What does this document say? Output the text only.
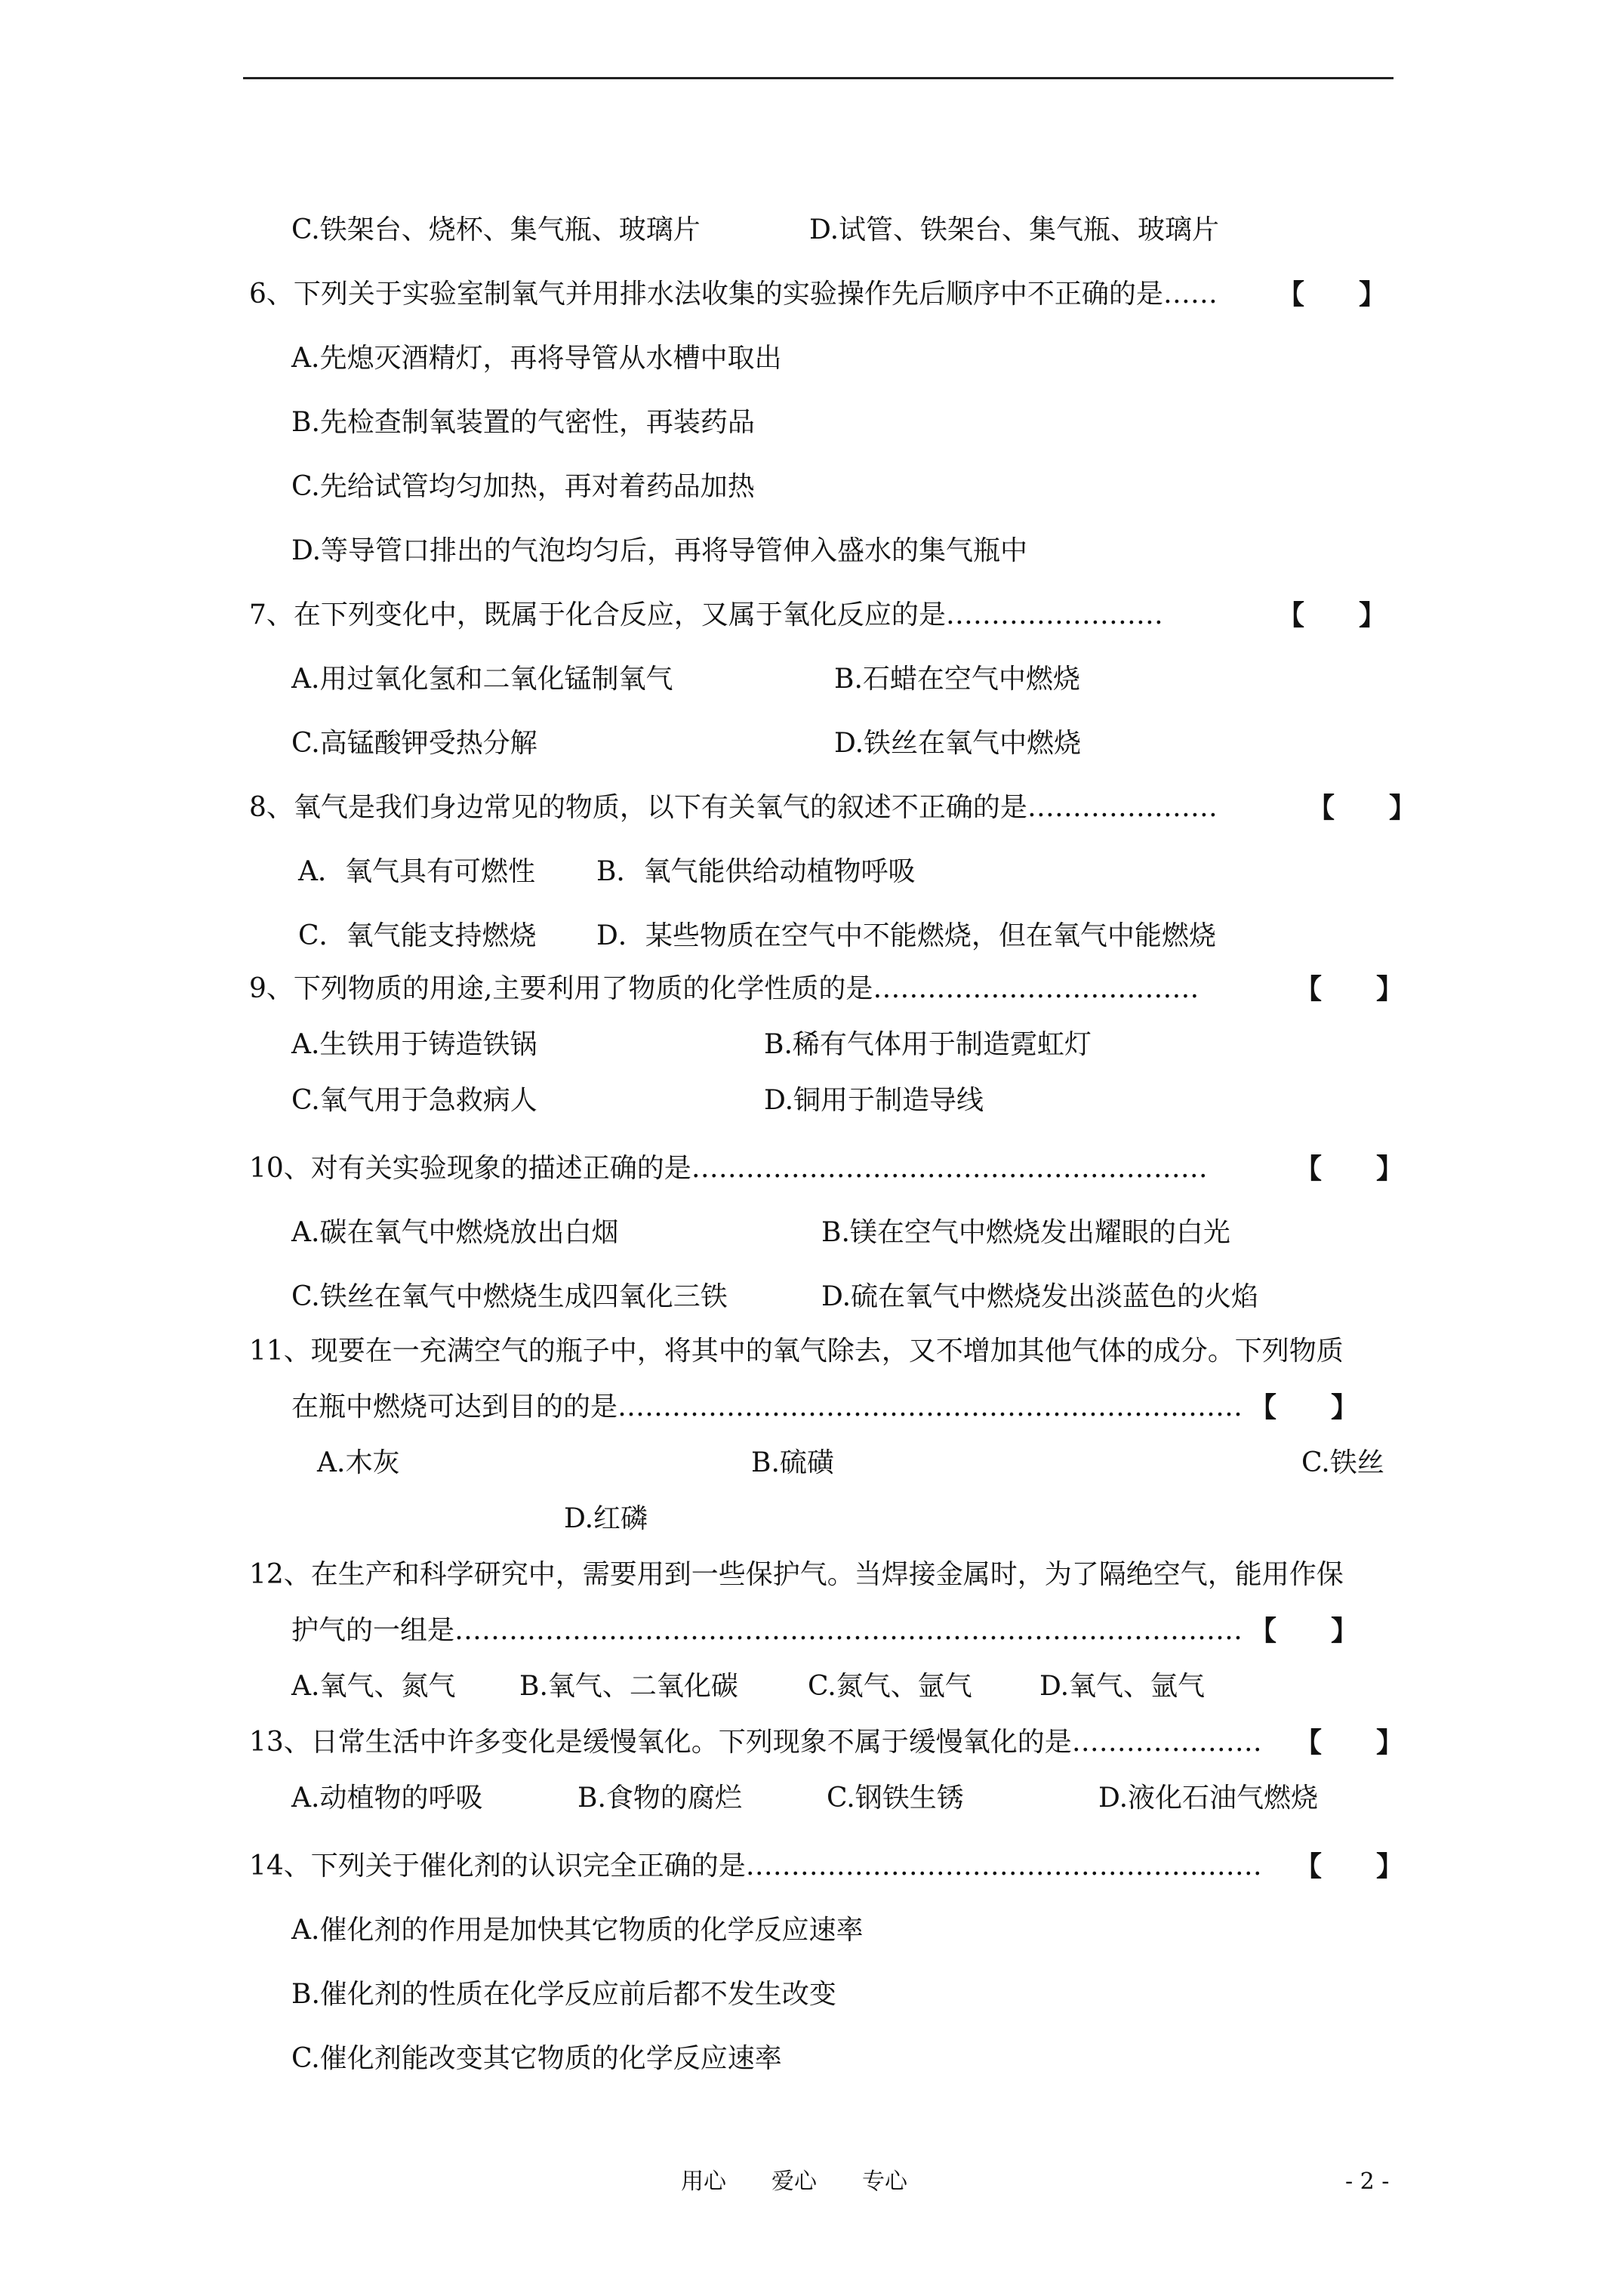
C.铁架台、烧杯、集气瓶、玻璃片	D.试管、铁架台、集气瓶、玻璃片
6、下列关于实验室制氧气并用排水法收集的实验操作先后顺序中不正确的是…… 【　　】
A.先熄灭酒精灯，再将导管从水槽中取出
B.先检查制氧装置的气密性，再装药品
C.先给试管均匀加热，再对着药品加热
D.等导管口排出的气泡均匀后，再将导管伸入盛水的集气瓶中
7、在下列变化中，既属于化合反应，又属于氧化反应的是……………………	【　　】
A.用过氧化氢和二氧化锰制氧气	B.石蜡在空气中燃烧
C.高锰酸钾受热分解	D.铁丝在氧气中燃烧
8、氧气是我们身边常见的物质，以下有关氧气的叙述不正确的是…………………	【　　】
A．氧气具有可燃性 B．氧气能供给动植物呼吸
C．氧气能支持燃烧 D．某些物质在空气中不能燃烧，但在氧气中能燃烧
9、下列物质的用途,主要利用了物质的化学性质的是………………………………	【　　】
A.生铁用于铸造铁锅	B.稀有气体用于制造霓虹灯
C.氧气用于急救病人	D.铜用于制造导线
10、对有关实验现象的描述正确的是…………………………………………………	【　　】
A.碳在氧气中燃烧放出白烟	B.镁在空气中燃烧发出耀眼的白光
C.铁丝在氧气中燃烧生成四氧化三铁	D.硫在氧气中燃烧发出淡蓝色的火焰
11、现要在一充满空气的瓶子中，将其中的氧气除去，又不增加其他气体的成分。下列物质
在瓶中燃烧可达到目的的是…………………………………………………………… 【　　】
A.木灰	B.硫磺	C.铁丝
D.红磷
12、在生产和科学研究中，需要用到一些保护气。当焊接金属时，为了隔绝空气，能用作保
护气的一组是…………………………………………………………………………… 【　　】
A.氧气、氮气 B.氧气、二氧化碳	C.氮气、氩气 D.氧气、氩气
13、日常生活中许多变化是缓慢氧化。下列现象不属于缓慢氧化的是………………… 【　　】
A.动植物的呼吸	B.食物的腐烂	C.钢铁生锈	D.液化石油气燃烧
14、下列关于催化剂的认识完全正确的是………………………………………………… 【　　】
A.催化剂的作用是加快其它物质的化学反应速率
B.催化剂的性质在化学反应前后都不发生改变
C.催化剂能改变其它物质的化学反应速率
用心　　爱心　　专心	- 2 -
